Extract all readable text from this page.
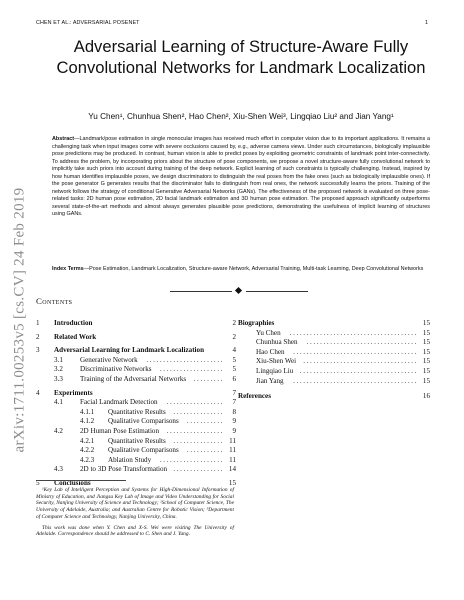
CHEN ET AL.: ADVERSARIAL POSENET	1
arXiv:1711.00253v5 [cs.CV] 24 Feb 2019
Adversarial Learning of Structure-Aware Fully Convolutional Networks for Landmark Localization
Yu Chen¹, Chunhua Shen², Hao Chen², Xiu-Shen Wei³, Lingqiao Liu² and Jian Yang¹
Abstract—Landmark/pose estimation in single monocular images has received much effort in computer vision due to its important applications. It remains a challenging task when input images come with severe occlusions caused by, e.g., adverse camera views. Under such circumstances, biologically implausible pose predictions may be produced. In contrast, human vision is able to predict poses by exploiting geometric constraints of landmark point inter-connectivity. To address the problem, by incorporating priors about the structure of pose components, we propose a novel structure-aware fully convolutional network to implicitly take such priors into account during training of the deep network. Explicit learning of such constraints is typically challenging. Instead, inspired by how human identifies implausible poses, we design discriminators to distinguish the real poses from the fake ones (such as biologically implausible ones). If the pose generator G generates results that the discriminator fails to distinguish from real ones, the network successfully learns the priors. Training of the network follows the strategy of conditional Generative Adversarial Networks (GANs). The effectiveness of the proposed network is evaluated on three pose-related tasks: 2D human pose estimation, 2D facial landmark estimation and 3D human pose estimation. The proposed approach significantly outperforms several state-of-the-art methods and almost always generates plausible pose predictions, demonstrating the usefulness of implicit learning of structures using GANs.
Index Terms—Pose Estimation, Landmark Localization, Structure-aware Network, Adversarial Training, Multi-task Learning, Deep Convolutional Networks
Contents
1 Introduction	2
2 Related Work	2
3 Adversarial Learning for Landmark Localization	4
3.1 Generative Network	....................... 5
3.2 Discriminative Networks ................... 5
3.3 Training of the Adversarial Networks ......... 6
4 Experiments	7
4.1 Facial Landmark Detection	................. 7
4.1.1 Quantitative Results ............... 8
4.1.2 Qualitative Comparisons ........... 9
4.2 2D Human Pose Estimation ................. 9
4.2.1 Quantitative Results ............... 11
4.2.2 Qualitative Comparisons ........... 11
4.2.3 Ablation Study	................... 11
4.3 2D to 3D Pose Transformation ............... 14
5 Conclusions	15
Biographies	15
Yu Chen	...................................... 15
Chunhua Shen	................................. 15
Hao Chen	..................................... 15
Xiu-Shen Wei .................................. 15
Lingqiao Liu ................................... 15
Jian Yang	..................................... 15
References	16

¹Key Lab of Intelligent Perception and Systems for High-Dimensional Information of Ministry of Education, and Jiangsu Key Lab of Image and Video Understanding for Social Security, Nanjing University of Science and Technology; ²School of Computer Science, The University of Adelaide, Australia; and Australian Centre for Robotic Vision; ³Department of Computer Science and Technology, Nanjing University, China.

This work was done when Y. Chen and X-S. Wei were visiting The University of Adelaide. Correspondence should be addressed to C. Shen and J. Yang.
